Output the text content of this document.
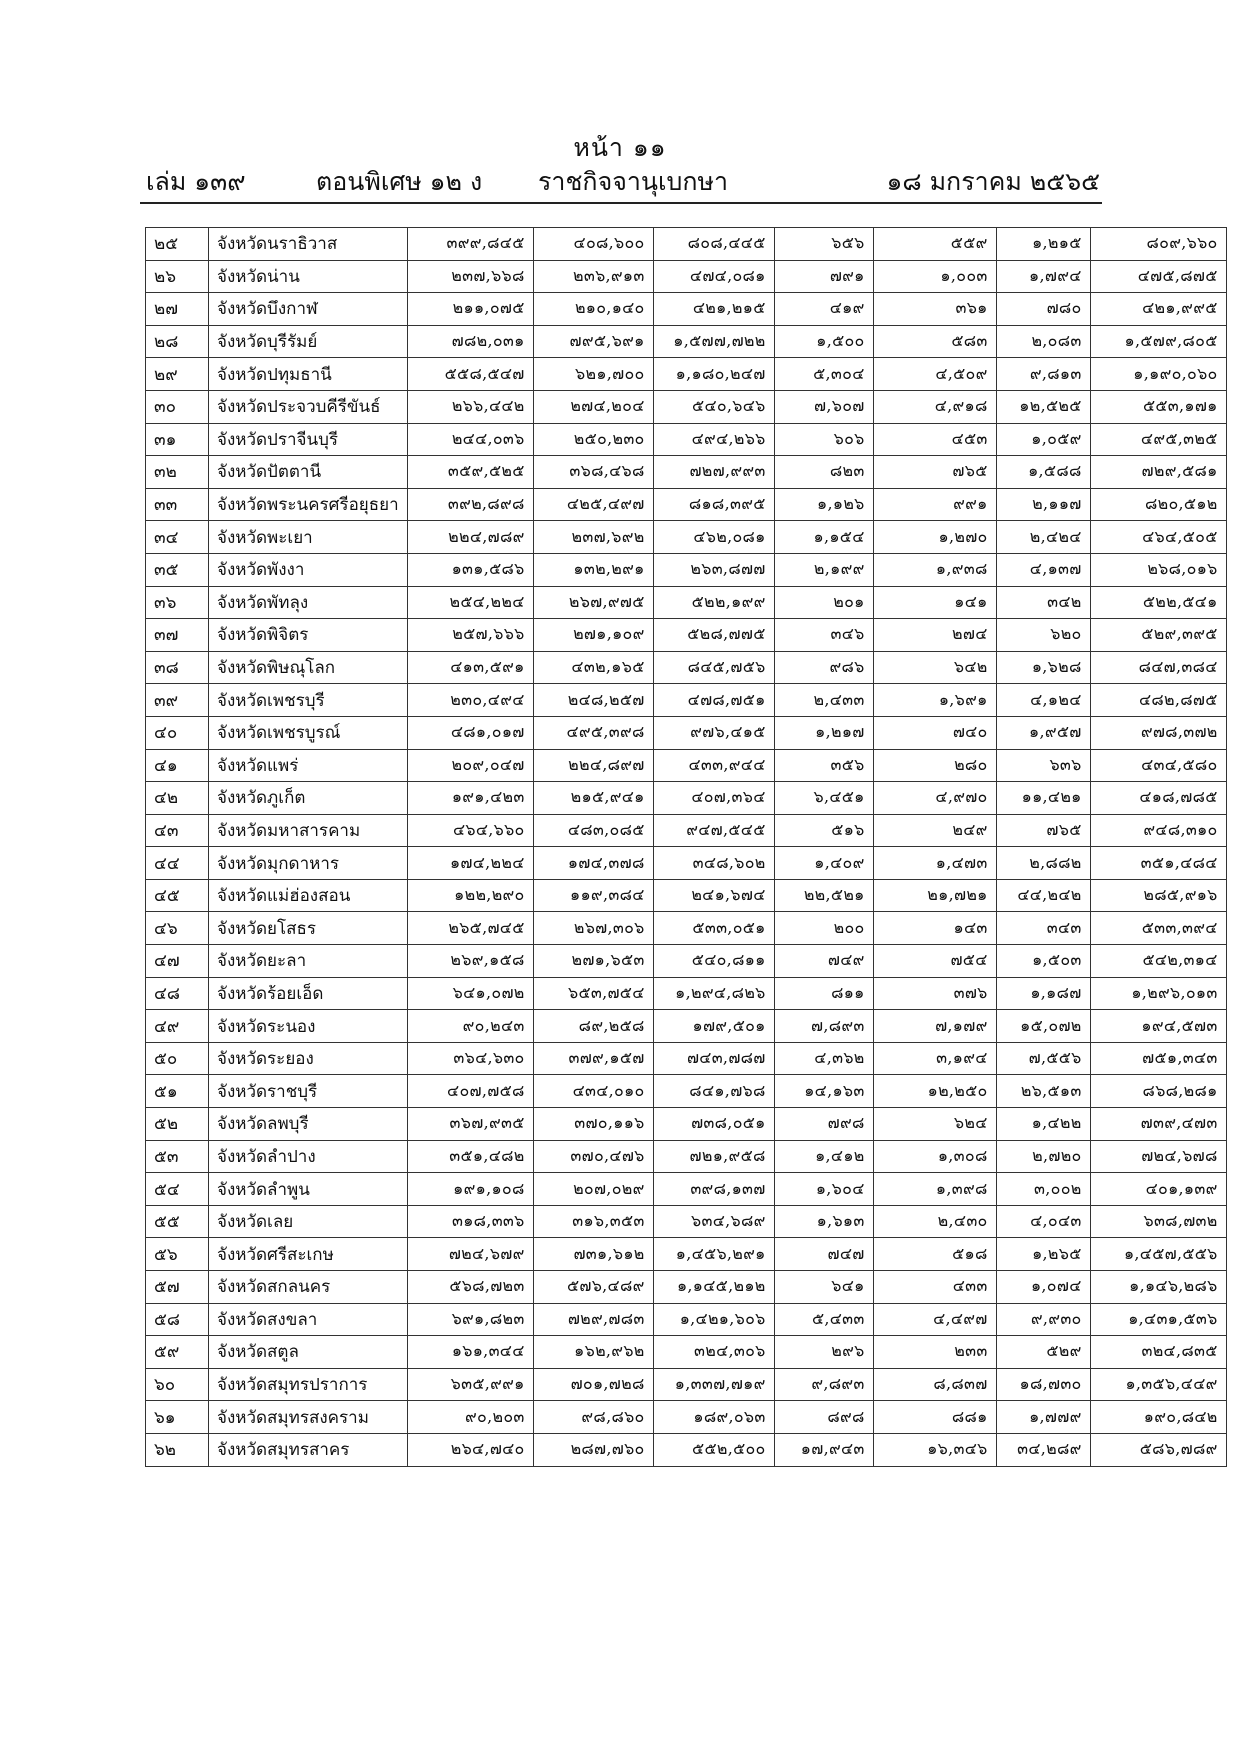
หน้า ๑๑
เล่ม ๑๓๙	ตอนพิเศษ ๑๒ ง ราชกิจจานุเบกษา	๑๘ มกราคม ๒๕๖๕
๒๕	จังหวัดนราธิวาส	๓๙๙,๘๔๕	๔๐๘,๖๐๐	๘๐๘,๔๔๕	๖๕๖	๕๕๙	๑,๒๑๕	๘๐๙,๖๖๐
๒๖	จังหวัดน่าน	๒๓๗,๖๖๘	๒๓๖,๙๑๓	๔๗๔,๐๘๑	๗๙๑	๑,๐๐๓	๑,๗๙๔	๔๗๕,๘๗๕
๒๗	จังหวัดบึงกาฬ	๒๑๑,๐๗๕	๒๑๐,๑๔๐	๔๒๑,๒๑๕	๔๑๙	๓๖๑	๗๘๐	๔๒๑,๙๙๕
๒๘	จังหวัดบุรีรัมย์	๗๘๒,๐๓๑	๗๙๕,๖๙๑	๑,๕๗๗,๗๒๒	๑,๕๐๐	๕๘๓	๒,๐๘๓	๑,๕๗๙,๘๐๕
๒๙	จังหวัดปทุมธานี	๕๕๘,๕๔๗	๖๒๑,๗๐๐	๑,๑๘๐,๒๔๗	๕,๓๐๔	๔,๕๐๙	๙,๘๑๓	๑,๑๙๐,๐๖๐
๓๐	จังหวัดประจวบคีรีขันธ์	๒๖๖,๔๔๒	๒๗๔,๒๐๔	๕๔๐,๖๔๖	๗,๖๐๗	๔,๙๑๘	๑๒,๕๒๕	๕๕๓,๑๗๑
๓๑	จังหวัดปราจีนบุรี	๒๔๔,๐๓๖	๒๕๐,๒๓๐	๔๙๔,๒๖๖	๖๐๖	๔๕๓	๑,๐๕๙	๔๙๕,๓๒๕
๓๒	จังหวัดปัตตานี	๓๕๙,๕๒๕	๓๖๘,๔๖๘	๗๒๗,๙๙๓	๘๒๓	๗๖๕	๑,๕๘๘	๗๒๙,๕๘๑
๓๓	จังหวัดพระนครศรีอยุธยา	๓๙๒,๘๙๘	๔๒๕,๔๙๗	๘๑๘,๓๙๕	๑,๑๒๖	๙๙๑	๒,๑๑๗	๘๒๐,๕๑๒
๓๔	จังหวัดพะเยา	๒๒๔,๗๘๙	๒๓๗,๖๙๒	๔๖๒,๐๘๑	๑,๑๕๔	๑,๒๗๐	๒,๔๒๔	๔๖๔,๕๐๕
๓๕	จังหวัดพังงา	๑๓๑,๕๘๖	๑๓๒,๒๙๑	๒๖๓,๘๗๗	๒,๑๙๙	๑,๙๓๘	๔,๑๓๗	๒๖๘,๐๑๖
๓๖	จังหวัดพัทลุง	๒๕๔,๒๒๔	๒๖๗,๙๗๕	๕๒๒,๑๙๙	๒๐๑	๑๔๑	๓๔๒	๕๒๒,๕๔๑
๓๗	จังหวัดพิจิตร	๒๕๗,๖๖๖	๒๗๑,๑๐๙	๕๒๘,๗๗๕	๓๔๖	๒๗๔	๖๒๐	๕๒๙,๓๙๕
๓๘	จังหวัดพิษณุโลก	๔๑๓,๕๙๑	๔๓๒,๑๖๕	๘๔๕,๗๕๖	๙๘๖	๖๔๒	๑,๖๒๘	๘๔๗,๓๘๔
๓๙	จังหวัดเพชรบุรี	๒๓๐,๔๙๔	๒๔๘,๒๕๗	๔๗๘,๗๕๑	๒,๔๓๓	๑,๖๙๑	๔,๑๒๔	๔๘๒,๘๗๕
๔๐	จังหวัดเพชรบูรณ์	๔๘๑,๐๑๗	๔๙๕,๓๙๘	๙๗๖,๔๑๕	๑,๒๑๗	๗๔๐	๑,๙๕๗	๙๗๘,๓๗๒
๔๑	จังหวัดแพร่	๒๐๙,๐๔๗	๒๒๔,๘๙๗	๔๓๓,๙๔๔	๓๕๖	๒๘๐	๖๓๖	๔๓๔,๕๘๐
๔๒	จังหวัดภูเก็ต	๑๙๑,๔๒๓	๒๑๕,๙๔๑	๔๐๗,๓๖๔	๖,๔๕๑	๔,๙๗๐	๑๑,๔๒๑	๔๑๘,๗๘๕
๔๓	จังหวัดมหาสารคาม	๔๖๔,๖๖๐	๔๘๓,๐๘๕	๙๔๗,๕๔๕	๕๑๖	๒๔๙	๗๖๕	๙๔๘,๓๑๐
๔๔	จังหวัดมุกดาหาร	๑๗๔,๒๒๔	๑๗๔,๓๗๘	๓๔๘,๖๐๒	๑,๔๐๙	๑,๔๗๓	๒,๘๘๒	๓๕๑,๔๘๔
๔๕	จังหวัดแม่ฮ่องสอน	๑๒๒,๒๙๐	๑๑๙,๓๘๔	๒๔๑,๖๗๔	๒๒,๕๒๑	๒๑,๗๒๑	๔๔,๒๔๒	๒๘๕,๙๑๖
๔๖	จังหวัดยโสธร	๒๖๕,๗๔๕	๒๖๗,๓๐๖	๕๓๓,๐๕๑	๒๐๐	๑๔๓	๓๔๓	๕๓๓,๓๙๔
๔๗	จังหวัดยะลา	๒๖๙,๑๕๘	๒๗๑,๖๕๓	๕๔๐,๘๑๑	๗๔๙	๗๕๔	๑,๕๐๓	๕๔๒,๓๑๔
๔๘	จังหวัดร้อยเอ็ด	๖๔๑,๐๗๒	๖๕๓,๗๕๔	๑,๒๙๔,๘๒๖	๘๑๑	๓๗๖	๑,๑๘๗	๑,๒๙๖,๐๑๓
๔๙	จังหวัดระนอง	๙๐,๒๔๓	๘๙,๒๕๘	๑๗๙,๕๐๑	๗,๘๙๓	๗,๑๗๙	๑๕,๐๗๒	๑๙๔,๕๗๓
๕๐	จังหวัดระยอง	๓๖๔,๖๓๐	๓๗๙,๑๕๗	๗๔๓,๗๘๗	๔,๓๖๒	๓,๑๙๔	๗,๕๕๖	๗๕๑,๓๔๓
๕๑	จังหวัดราชบุรี	๔๐๗,๗๕๘	๔๓๔,๐๑๐	๘๔๑,๗๖๘	๑๔,๑๖๓	๑๒,๒๕๐	๒๖,๕๑๓	๘๖๘,๒๘๑
๕๒	จังหวัดลพบุรี	๓๖๗,๙๓๕	๓๗๐,๑๑๖	๗๓๘,๐๕๑	๗๙๘	๖๒๔	๑,๔๒๒	๗๓๙,๔๗๓
๕๓	จังหวัดลำปาง	๓๕๑,๔๘๒	๓๗๐,๔๗๖	๗๒๑,๙๕๘	๑,๔๑๒	๑,๓๐๘	๒,๗๒๐	๗๒๔,๖๗๘
๕๔	จังหวัดลำพูน	๑๙๑,๑๐๘	๒๐๗,๐๒๙	๓๙๘,๑๓๗	๑,๖๐๔	๑,๓๙๘	๓,๐๐๒	๔๐๑,๑๓๙
๕๕	จังหวัดเลย	๓๑๘,๓๓๖	๓๑๖,๓๕๓	๖๓๔,๖๘๙	๑,๖๑๓	๒,๔๓๐	๔,๐๔๓	๖๓๘,๗๓๒
๕๖	จังหวัดศรีสะเกษ	๗๒๔,๖๗๙	๗๓๑,๖๑๒	๑,๔๕๖,๒๙๑	๗๔๗	๕๑๘	๑,๒๖๕	๑,๔๕๗,๕๕๖
๕๗	จังหวัดสกลนคร	๕๖๘,๗๒๓	๕๗๖,๔๘๙	๑,๑๔๕,๒๑๒	๖๔๑	๔๓๓	๑,๐๗๔	๑,๑๔๖,๒๘๖
๕๘	จังหวัดสงขลา	๖๙๑,๘๒๓	๗๒๙,๗๘๓	๑,๔๒๑,๖๐๖	๕,๔๓๓	๔,๔๙๗	๙,๙๓๐	๑,๔๓๑,๕๓๖
๕๙	จังหวัดสตูล	๑๖๑,๓๔๔	๑๖๒,๙๖๒	๓๒๔,๓๐๖	๒๙๖	๒๓๓	๕๒๙	๓๒๔,๘๓๕
๖๐	จังหวัดสมุทรปราการ	๖๓๕,๙๙๑	๗๐๑,๗๒๘	๑,๓๓๗,๗๑๙	๙,๘๙๓	๘,๘๓๗	๑๘,๗๓๐	๑,๓๕๖,๔๔๙
๖๑	จังหวัดสมุทรสงคราม	๙๐,๒๐๓	๙๘,๘๖๐	๑๘๙,๐๖๓	๘๙๘	๘๘๑	๑,๗๗๙	๑๙๐,๘๔๒
๖๒	จังหวัดสมุทรสาคร	๒๖๔,๗๔๐	๒๘๗,๗๖๐	๕๕๒,๕๐๐	๑๗,๙๔๓	๑๖,๓๔๖	๓๔,๒๘๙	๕๘๖,๗๘๙
